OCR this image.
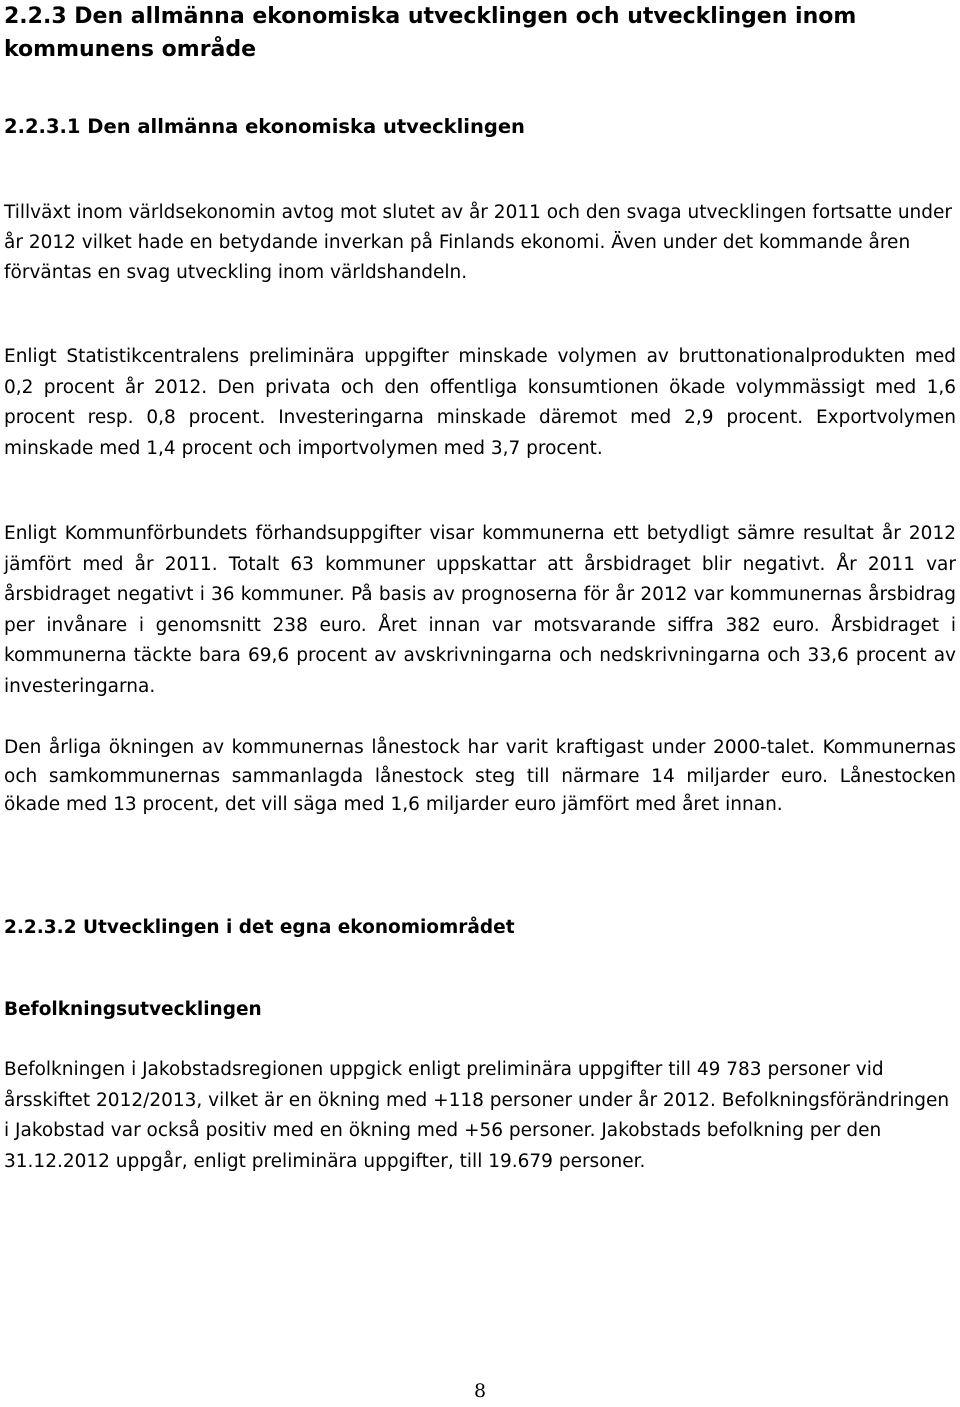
2.2.3 Den allmänna ekonomiska utvecklingen och utvecklingen inom kommunens område
2.2.3.1 Den allmänna ekonomiska utvecklingen

Tillväxt inom världsekonomin avtog mot slutet av år 2011 och den svaga utvecklingen fortsatte under år 2012 vilket hade en betydande inverkan på Finlands ekonomi. Även under det kommande åren förväntas en svag utveckling inom världshandeln.

Enligt Statistikcentralens preliminära uppgifter minskade volymen av bruttonationalprodukten med 0,2 procent år 2012. Den privata och den offentliga konsumtionen ökade volymmässigt med 1,6 procent resp. 0,8 procent. Investeringarna minskade däremot med 2,9 procent. Exportvolymen minskade med 1,4 procent och importvolymen med 3,7 procent.

Enligt Kommunförbundets förhandsuppgifter visar kommunerna ett betydligt sämre resultat år 2012 jämfört med år 2011. Totalt 63 kommuner uppskattar att årsbidraget blir negativt. År 2011 var årsbidraget negativt i 36 kommuner. På basis av prognoserna för år 2012 var kommunernas årsbidrag per invånare i genomsnitt 238 euro. Året innan var motsvarande siffra 382 euro. Årsbidraget i kommunerna täckte bara 69,6 procent av avskrivningarna och nedskrivningarna och 33,6 procent av investeringarna.

Den årliga ökningen av kommunernas lånestock har varit kraftigast under 2000-talet. Kommunernas och samkommunernas sammanlagda lånestock steg till närmare 14 miljarder euro. Lånestocken ökade med 13 procent, det vill säga med 1,6 miljarder euro jämfört med året innan.

2.2.3.2 Utvecklingen i det egna ekonomiområdet
Befolkningsutvecklingen

Befolkningen i Jakobstadsregionen uppgick enligt preliminära uppgifter till 49 783 personer vid årsskiftet 2012/2013, vilket är en ökning med +118 personer under år 2012. Befolkningsförändringen i Jakobstad var också positiv med en ökning med +56 personer. Jakobstads befolkning per den 31.12.2012 uppgår, enligt preliminära uppgifter, till 19.679 personer.

8
